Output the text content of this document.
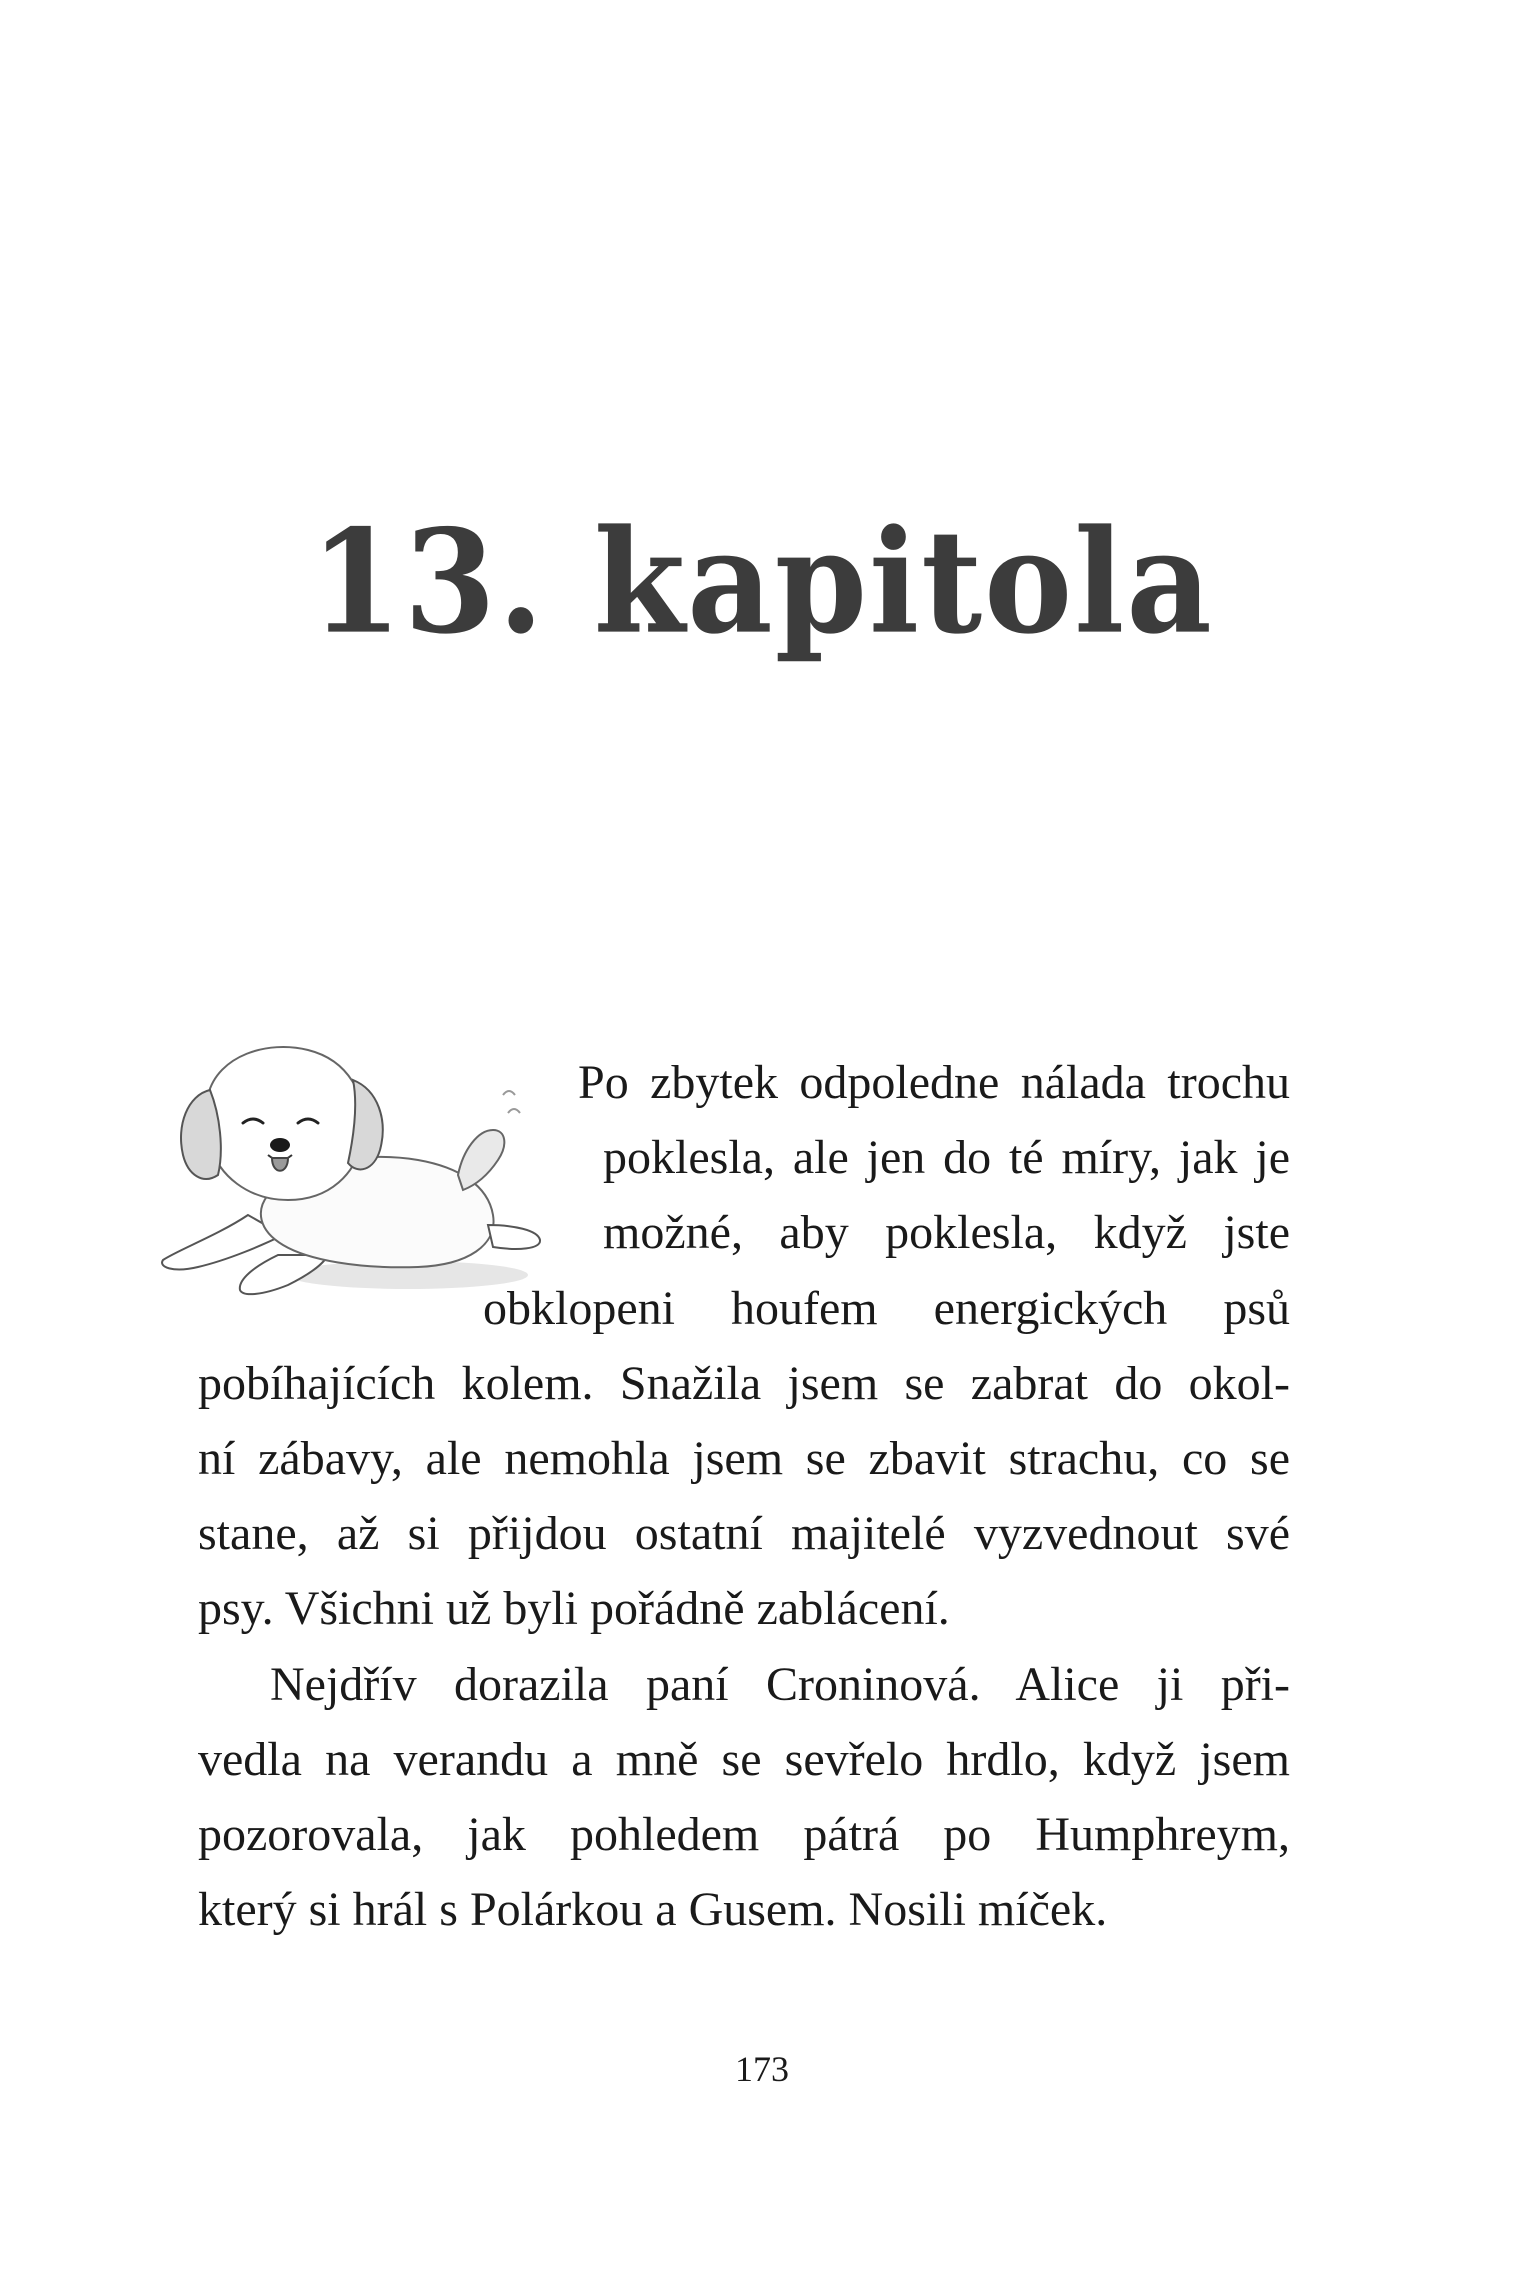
13. kapitola
Po zbytek odpoledne nálada trochu
poklesla, ale jen do té míry, jak je
možné, aby poklesla, když jste
obklopeni houfem energických psů
pobíhajících kolem. Snažila jsem se zabrat do okol-
ní zábavy, ale nemohla jsem se zbavit strachu, co se
stane, až si přijdou ostatní majitelé vyzvednout své
psy. Všichni už byli pořádně zablácení.
Nejdřív dorazila paní Croninová. Alice ji při-
vedla na verandu a mně se sevřelo hrdlo, když jsem
pozorovala, jak pohledem pátrá po Humphreym,
který si hrál s Polárkou a Gusem. Nosili míček.
173
